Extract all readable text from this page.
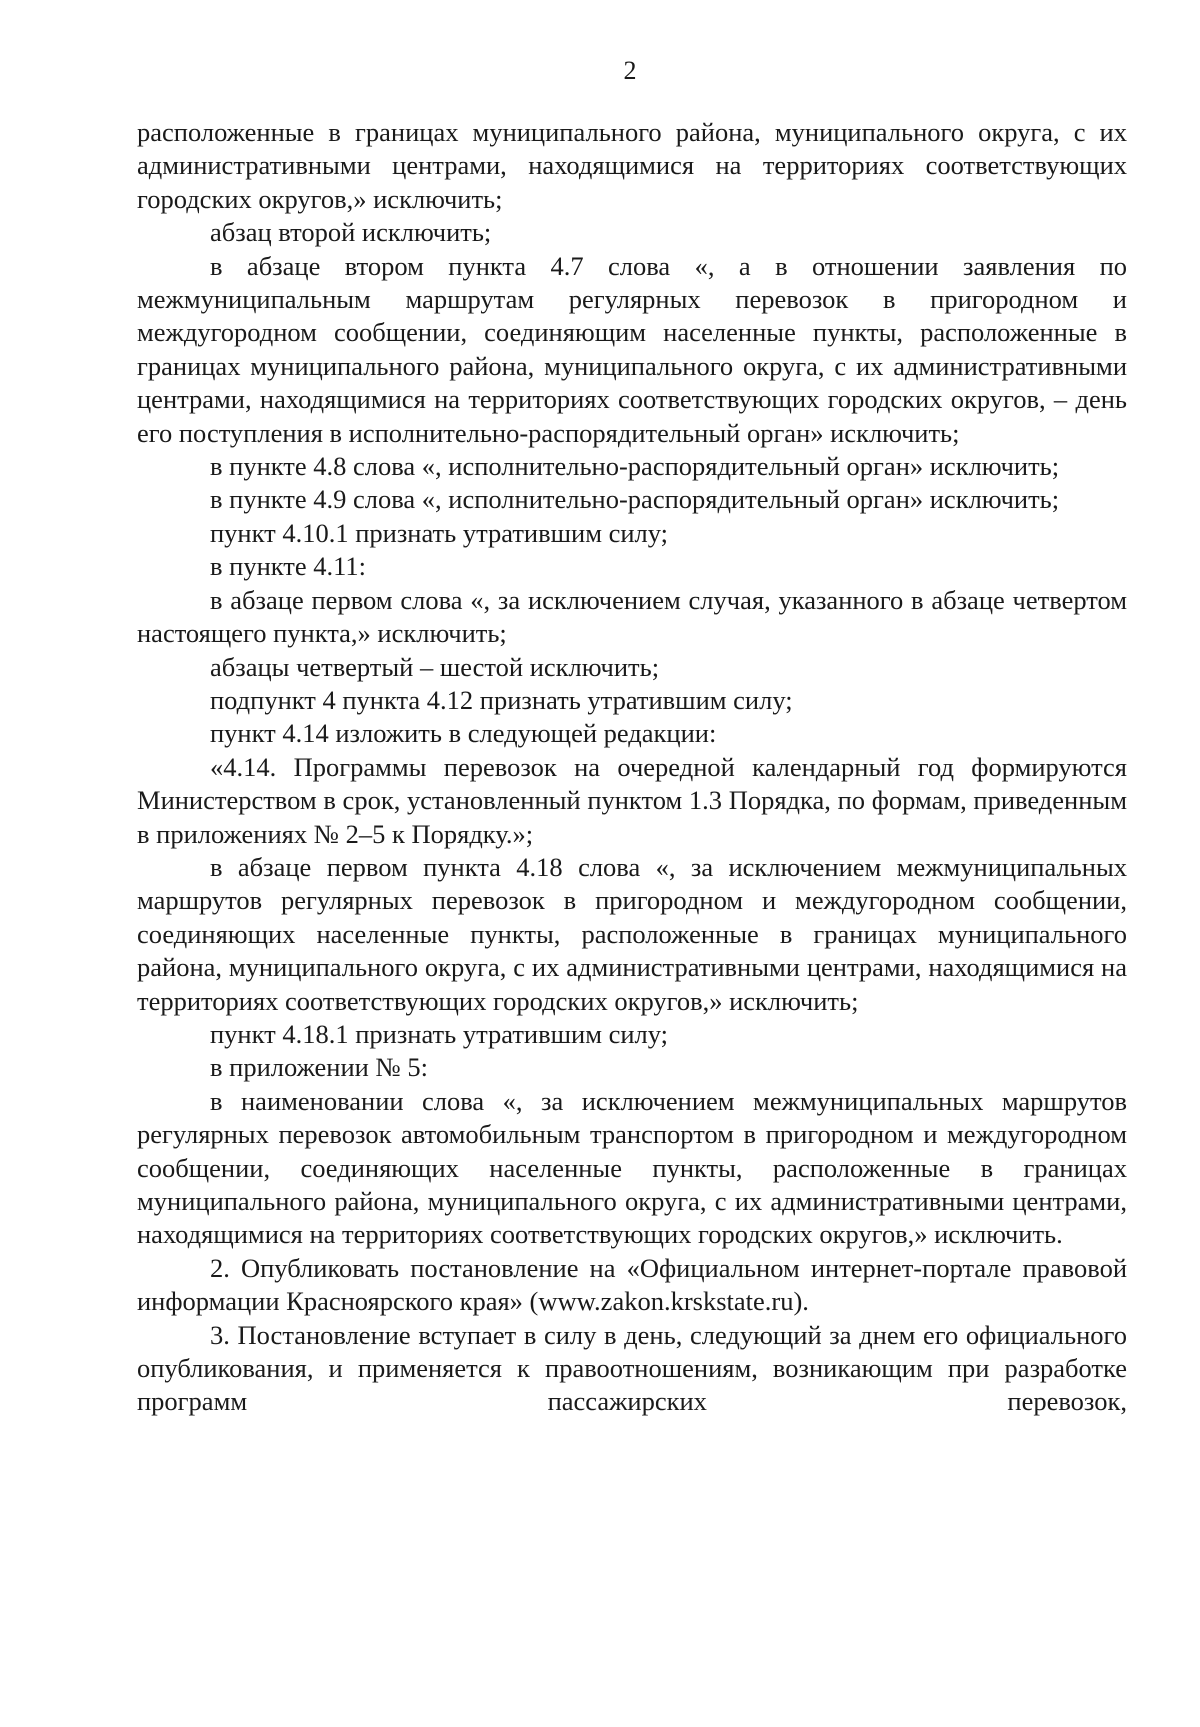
2

расположенные в границах муниципального района, муниципального округа, с их административными центрами, находящимися на территориях соответствующих городских округов,» исключить;

абзац второй исключить;

в абзаце втором пункта 4.7 слова «, а в отношении заявления по межмуниципальным маршрутам регулярных перевозок в пригородном и междугородном сообщении, соединяющим населенные пункты, расположенные в границах муниципального района, муниципального округа, с их административными центрами, находящимися на территориях соответствующих городских округов, – день его поступления в исполнительно-распорядительный орган» исключить;

в пункте 4.8 слова «, исполнительно-распорядительный орган» исключить;

в пункте 4.9 слова «, исполнительно-распорядительный орган» исключить;

пункт 4.10.1 признать утратившим силу;

в пункте 4.11:

в абзаце первом слова «, за исключением случая, указанного в абзаце четвертом настоящего пункта,» исключить;

абзацы четвертый – шестой исключить;

подпункт 4 пункта 4.12 признать утратившим силу;

пункт 4.14 изложить в следующей редакции:

«4.14. Программы перевозок на очередной календарный год формируются Министерством в срок, установленный пунктом 1.3 Порядка, по формам, приведенным в приложениях № 2–5 к Порядку.»;

в абзаце первом пункта 4.18 слова «, за исключением межмуниципальных маршрутов регулярных перевозок в пригородном и междугородном сообщении, соединяющих населенные пункты, расположенные в границах муниципального района, муниципального округа, с их административными центрами, находящимися на территориях соответствующих городских округов,» исключить;

пункт 4.18.1 признать утратившим силу;

в приложении № 5:

в наименовании слова «, за исключением межмуниципальных маршрутов регулярных перевозок автомобильным транспортом в пригородном и междугородном сообщении, соединяющих населенные пункты, расположенные в границах муниципального района, муниципального округа, с их административными центрами, находящимися на территориях соответствующих городских округов,» исключить.

2. Опубликовать постановление на «Официальном интернет-портале правовой информации Красноярского края» (www.zakon.krskstate.ru).

3. Постановление вступает в силу в день, следующий за днем его официального опубликования, и применяется к правоотношениям, возникающим при разработке программ пассажирских перевозок,
